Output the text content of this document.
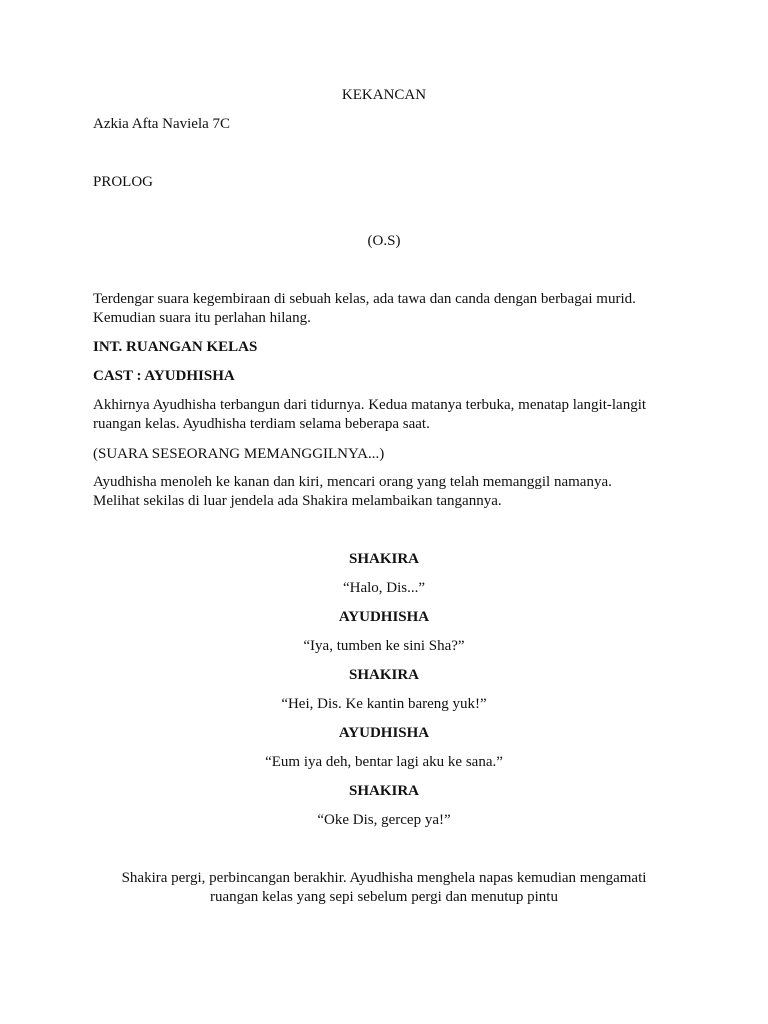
KEKANCAN
Azkia Afta Naviela 7C
PROLOG
(O.S)
Terdengar suara kegembiraan di sebuah kelas, ada tawa dan canda dengan berbagai murid.
Kemudian suara itu perlahan hilang.
INT. RUANGAN KELAS
CAST : AYUDHISHA
Akhirnya Ayudhisha terbangun dari tidurnya. Kedua matanya terbuka, menatap langit-langit
ruangan kelas. Ayudhisha terdiam selama beberapa saat.
(SUARA SESEORANG MEMANGGILNYA...)
Ayudhisha menoleh ke kanan dan kiri, mencari orang yang telah memanggil namanya.
Melihat sekilas di luar jendela ada Shakira melambaikan tangannya.
SHAKIRA
“Halo, Dis...”
AYUDHISHA
“Iya, tumben ke sini Sha?”
SHAKIRA
“Hei, Dis. Ke kantin bareng yuk!”
AYUDHISHA
“Eum iya deh, bentar lagi aku ke sana.”
SHAKIRA
“Oke Dis, gercep ya!”
Shakira pergi, perbincangan berakhir. Ayudhisha menghela napas kemudian mengamati
ruangan kelas yang sepi sebelum pergi dan menutup pintu
